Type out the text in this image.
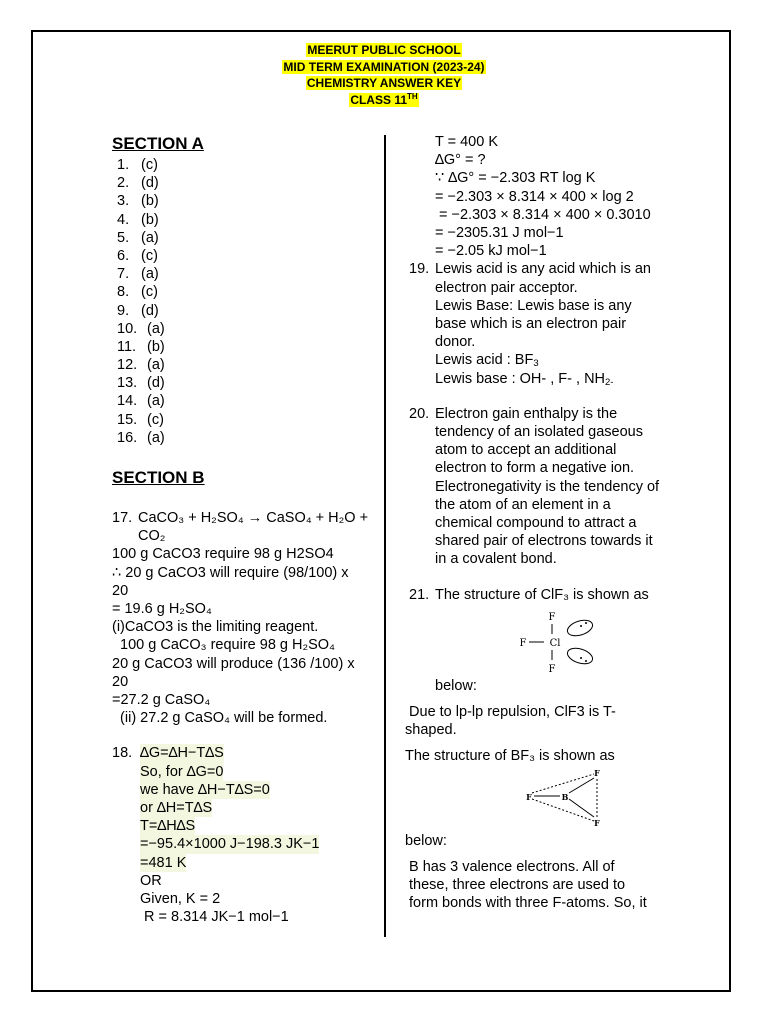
MEERUT PUBLIC SCHOOL
MID TERM EXAMINATION (2023-24)
CHEMISTRY ANSWER KEY
CLASS 11TH

SECTION A

1. (c)
2. (d)
3. (b)
4. (b)
5. (a)
6. (c)
7. (a)
8. (c)
9. (d)
10. (a)
11. (b)
12. (a)
13. (d)
14. (a)
15. (c)
16. (a)

SECTION B

17. CaCO₃ + H₂SO₄ → CaSO₄ + H₂O +
CO₂
100 g CaCO3 require 98 g H2SO4
∴ 20 g CaCO3 will require (98/100) x
20
= 19.6 g H₂SO₄
(i)CaCO3 is the limiting reagent.
100 g CaCO₃ require 98 g H₂SO₄
20 g CaCO3 will produce (136 /100) x
20
=27.2 g CaSO₄
(ii) 27.2 g CaSO₄ will be formed.
18. ∆G=∆H−T∆S
So, for ∆G=0
we have ∆H−T∆S=0
or ∆H=T∆S
T=∆H∆S
=−95.4×1000 J−198.3 JK−1
=481 K
OR
Given, K = 2
R = 8.314 JK−1 mol−1
T = 400 K
∆G° = ?
∵ ∆G° = −2.303 RT log K
= −2.303 × 8.314 × 400 × log 2
= −2.303 × 8.314 × 400 × 0.3010
= −2305.31 J mol−1
= −2.05 kJ mol−1
19. Lewis acid is any acid which is an
electron pair acceptor.
Lewis Base: Lewis base is any
base which is an electron pair
donor.
Lewis acid : $BF_3$
Lewis base : OH- , F- , $NH_{2-}$
20. Electron gain enthalpy is the
tendency of an isolated gaseous
atom to accept an additional
electron to form a negative ion.
Electronegativity is the tendency of
the atom of an element in a
chemical compound to attract a
shared pair of electrons towards it
in a covalent bond.
21. The structure of ClF₃ is shown as
F
F Cl
F
below:
Due to lp-lp repulsion, ClF3 is T-
shaped.
The structure of BF₃ is shown as
F
F	B
F
below:
B has 3 valence electrons. All of
these, three electrons are used to
form bonds with three F-atoms. So, it
